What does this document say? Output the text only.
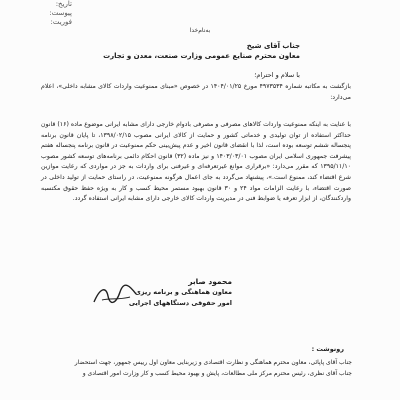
تاریخ:
پیوست:
فوریت:
به‌نام‌خدا
جناب آقای شیخ
معاون محترم صنایع عمومی وزارت صنعت، معدن و تجارت
با سلام و احترام؛
بازگشت به مکاتبه شماره ۴۹۷۳۵۳۴ مورخ ۱۴۰۴/۰۱/۲۵ در خصوص «مبنای ممنوعیت واردات کالای مشابه داخلی»، اعلام می‌دارد:
با عنایت به اینکه ممنوعیت واردات کالاهای مصرفی و مصرفی بادوام خارجی دارای مشابه ایرانی موضوع ماده (۱۶) قانون حداکثر استفاده از توان تولیدی و خدماتی کشور و حمایت از کالای ایرانی مصوب ۱۳۹۸/۰۲/۱۵، تا پایان قانون برنامه پنجساله ششم توسعه بوده است، لذا با انقضای قانون اخیر و عدم پیش‌بینی حکم ممنوعیت در قانون برنامه پنجساله هفتم پیشرفت جمهوری اسلامی ایران مصوب ۱۴۰۳/۰۳/۰۱ و نیز ماده (۳۲) قانون احکام دائمی برنامه‌های توسعه کشور مصوب ۱۳۹۵/۱۱/۱۰ که مقرر می‌دارد: «برقراری موانع غیرتعرفه‌ای و غیرفنی برای واردات به جز در مواردی که رعایت موازین شرع اقتضاء کند، ممنوع است.»، پیشنهاد می‌گردد به جای اعمال هرگونه ممنوعیت، در راستای حمایت از تولید داخلی در صورت اقتضاء، با رعایت الزامات مواد ۲۴ و ۳۰ قانون بهبود مستمر محیط کسب و کار به ویژه حفظ حقوق مکتسبه واردکنندگان، از ابزار تعرفه یا ضوابط فنی در مدیریت واردات کالای خارجی دارای مشابه ایرانی استفاده گردد.
محمود صابر
معاون هماهنگی و برنامه ریزی
امور حقوقی دستگاههای اجرایی
رونوشت :
جناب آقای پاپائی، معاون محترم هماهنگی و نظارت اقتصادی و زیربنایی معاون اول رییس جمهور، جهت استحضار
جناب آقای نظری، رئیس محترم مرکز ملی مطالعات، پایش و بهبود محیط کسب و کار وزارت امور اقتصادی و
